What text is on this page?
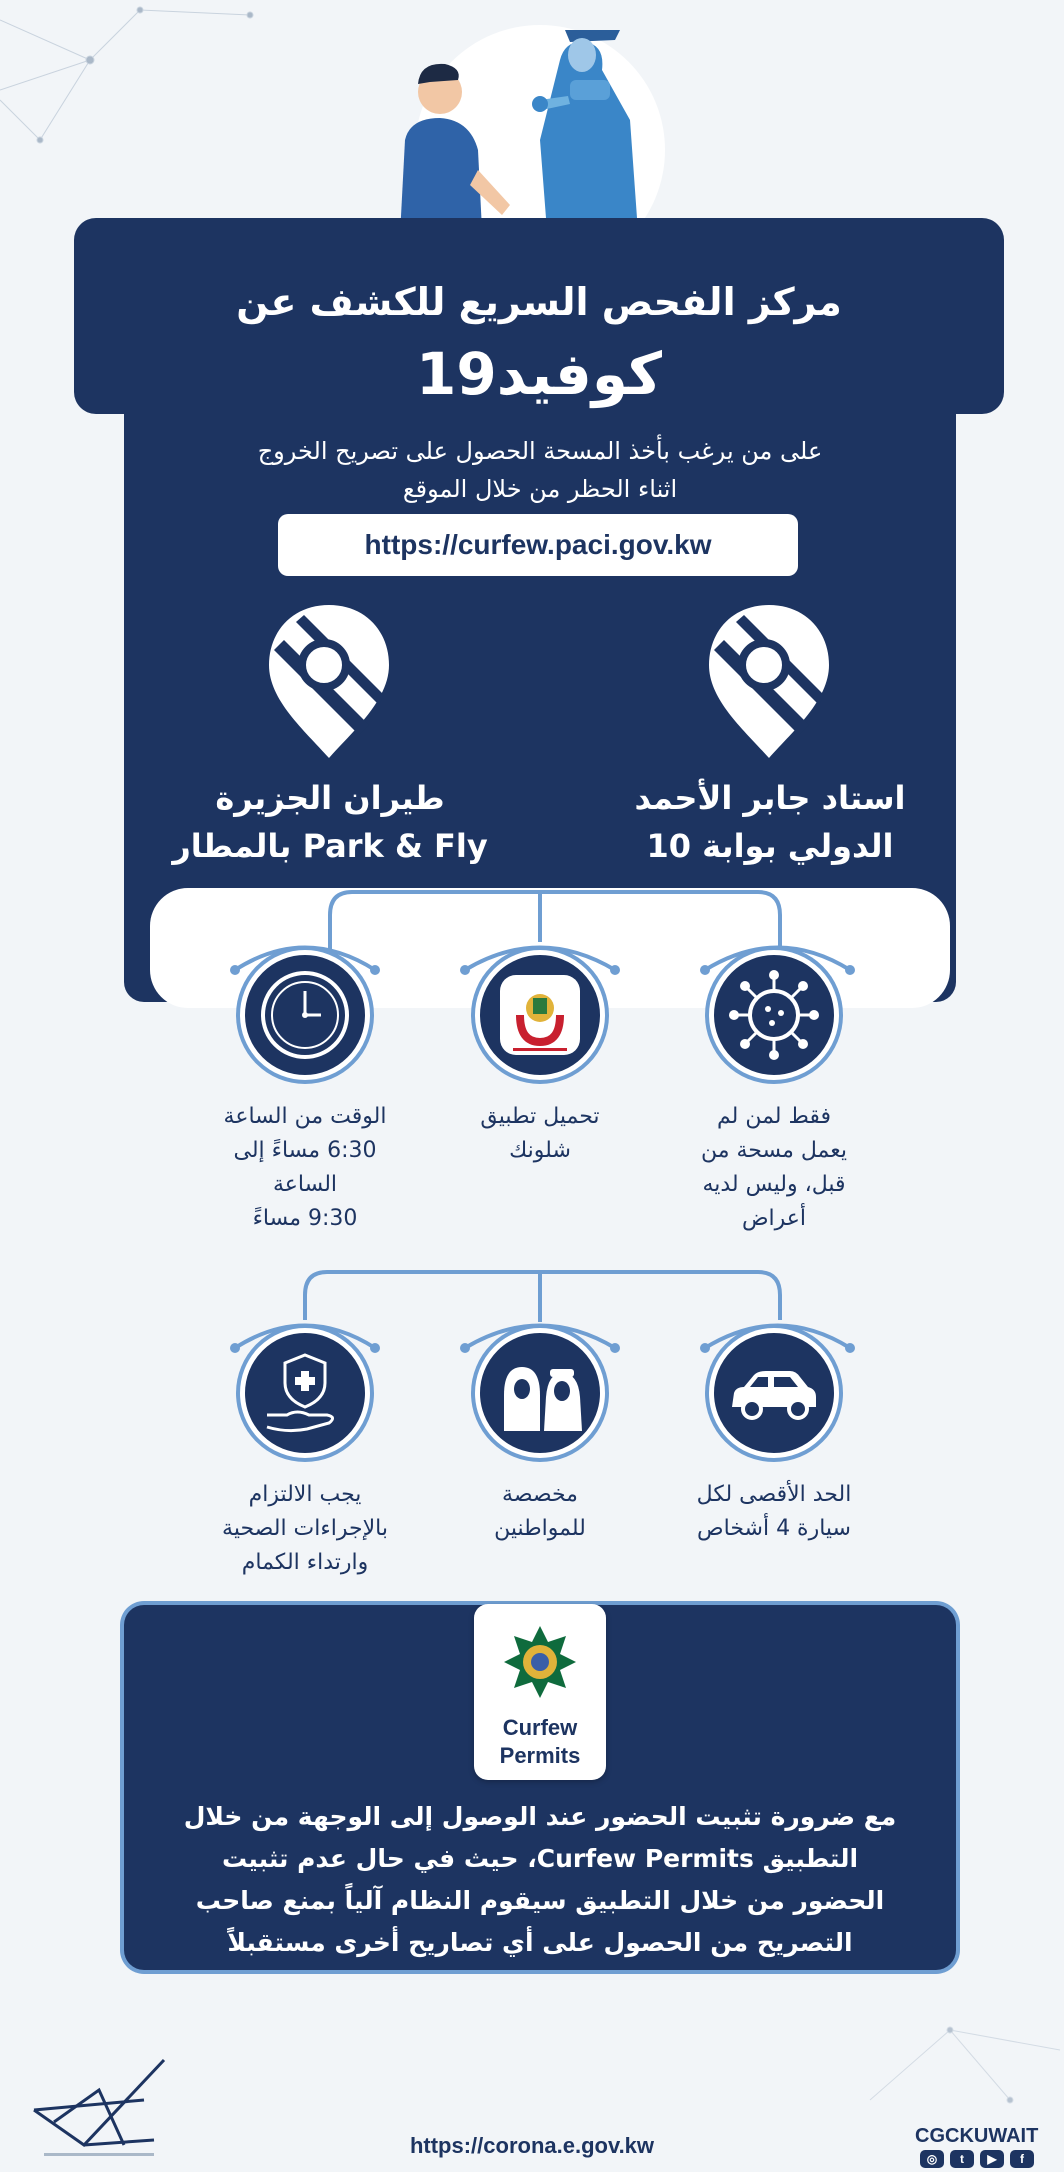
مركز الفحص السريع للكشف عن
كوفيد19
على من يرغب بأخذ المسحة الحصول على تصريح الخروج
اثناء الحظر من خلال الموقع
https://curfew.paci.gov.kw
طيران الجزيرة
Park & Fly بالمطار
استاد جابر الأحمد
الدولي بوابة 10
الوقت من الساعة
6:30 مساءً إلى
الساعة
9:30 مساءً
تحميل تطبيق
شلونك
فقط لمن لم
يعمل مسحة من
قبل، وليس لديه
أعراض
يجب الالتزام
بالإجراءات الصحية
وارتداء الكمام
مخصصة
للمواطنين
الحد الأقصى لكل
سيارة 4 أشخاص
Curfew
Permits
مع ضرورة تثبيت الحضور عند الوصول إلى الوجهة من خلال
التطبيق Curfew Permits، حيث في حال عدم تثبيت
الحضور من خلال التطبيق سيقوم النظام آلياً بمنع صاحب
التصريح من الحصول على أي تصاريح أخرى مستقبلاً
https://corona.e.gov.kw	CGCKUWAIT
◎	t	▶	f
